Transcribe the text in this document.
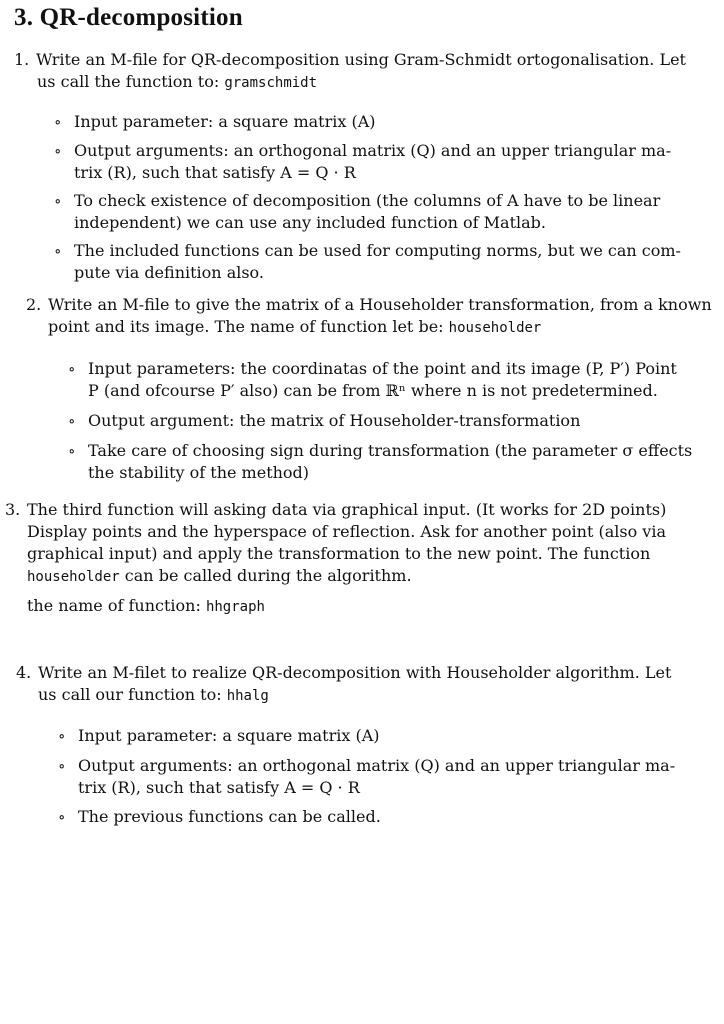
3. QR-decomposition
1. Write an M-file for QR-decomposition using Gram-Schmidt ortogonalisation. Let
us call the function to: gramschmidt
∘ Input parameter: a square matrix (A)
∘ Output arguments: an orthogonal matrix (Q) and an upper triangular ma-
trix (R), such that satisfy A = Q · R
∘ To check existence of decomposition (the columns of A have to be linear
independent) we can use any included function of Matlab.
∘ The included functions can be used for computing norms, but we can com-
pute via definition also.
2. Write an M-file to give the matrix of a Householder transformation, from a known
point and its image. The name of function let be: householder
∘ Input parameters: the coordinatas of the point and its image (P, P′) Point
P (and ofcourse P′ also) can be from ℝⁿ where n is not predetermined.
∘ Output argument: the matrix of Householder-transformation
∘ Take care of choosing sign during transformation (the parameter σ effects
the stability of the method)
3. The third function will asking data via graphical input. (It works for 2D points)
Display points and the hyperspace of reflection. Ask for another point (also via
graphical input) and apply the transformation to the new point. The function
householder can be called during the algorithm.
the name of function: hhgraph
4. Write an M-filet to realize QR-decomposition with Householder algorithm. Let
us call our function to: hhalg
∘ Input parameter: a square matrix (A)
∘ Output arguments: an orthogonal matrix (Q) and an upper triangular ma-
trix (R), such that satisfy A = Q · R
∘ The previous functions can be called.
